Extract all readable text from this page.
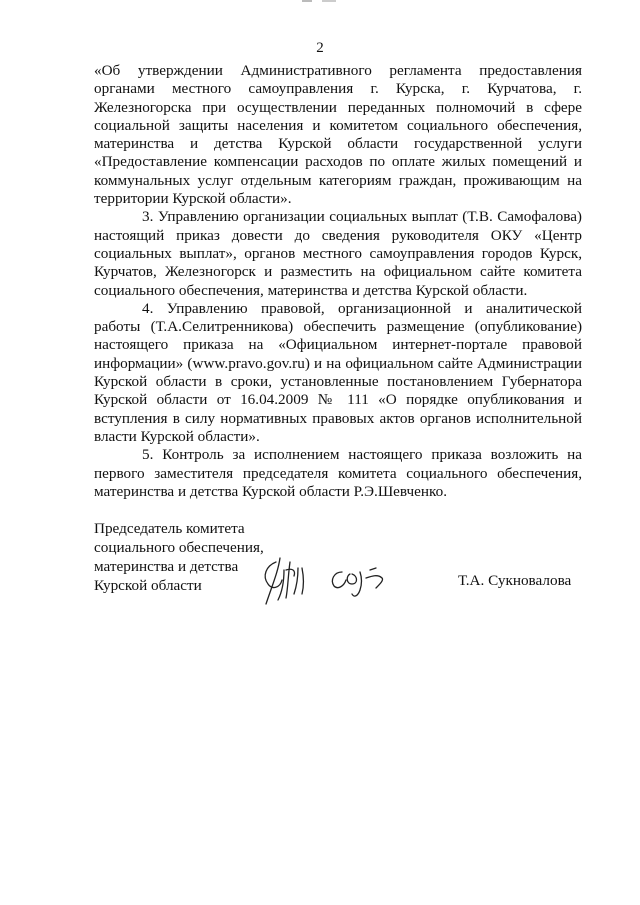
2

«Об утверждении Административного регламента предоставления органами местного самоуправления г. Курска, г. Курчатова, г. Железногорска при осуществлении переданных полномочий в сфере социальной защиты населения и комитетом социального обеспечения, материнства и детства Курской области государственной услуги «Предоставление компенсации расходов по оплате жилых помещений и коммунальных услуг отдельным категориям граждан, проживающим на территории Курской области».

3. Управлению организации социальных выплат (Т.В. Самофалова) настоящий приказ довести до сведения руководителя ОКУ «Центр социальных выплат», органов местного самоуправления городов Курск, Курчатов, Железногорск и разместить на официальном сайте комитета социального обеспечения, материнства и детства Курской области.

4. Управлению правовой, организационной и аналитической работы (Т.А.Селитренникова) обеспечить размещение (опубликование) настоящего приказа на «Официальном интернет-портале правовой информации» (www.pravo.gov.ru) и на официальном сайте Администрации Курской области в сроки, установленные постановлением Губернатора Курской области от 16.04.2009 № 111 «О порядке опубликования и вступления в силу нормативных правовых актов органов исполнительной власти Курской области».

5. Контроль за исполнением настоящего приказа возложить на первого заместителя председателя комитета социального обеспечения, материнства и детства Курской области Р.Э.Шевченко.

Председатель комитета
социального обеспечения,
материнства и детства
Курской области	Т.А. Сукновалова
